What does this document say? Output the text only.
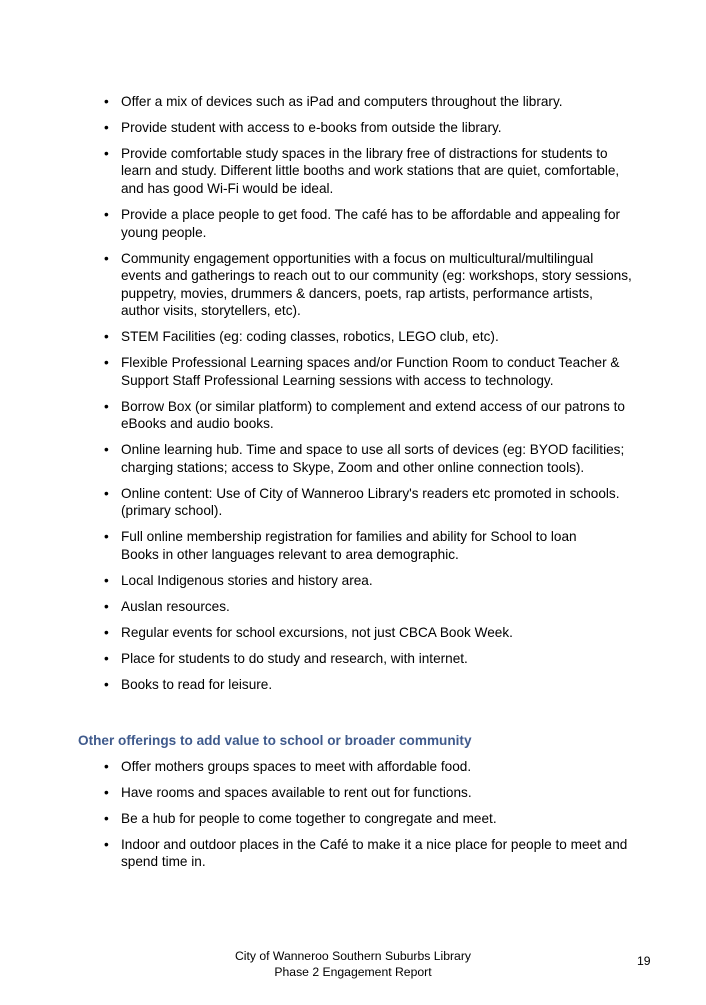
• Offer a mix of devices such as iPad and computers throughout the library.
• Provide student with access to e-books from outside the library.
• Provide comfortable study spaces in the library free of distractions for students to learn and study. Different little booths and work stations that are quiet, comfortable, and has good Wi-Fi would be ideal.
• Provide a place people to get food. The café has to be affordable and appealing for young people.
• Community engagement opportunities with a focus on multicultural/multilingual events and gatherings to reach out to our community (eg: workshops, story sessions, puppetry, movies, drummers & dancers, poets, rap artists, performance artists, author visits, storytellers, etc).
• STEM Facilities (eg: coding classes, robotics, LEGO club, etc).
• Flexible Professional Learning spaces and/or Function Room to conduct Teacher & Support Staff Professional Learning sessions with access to technology.
• Borrow Box (or similar platform) to complement and extend access of our patrons to eBooks and audio books.
• Online learning hub. Time and space to use all sorts of devices (eg: BYOD facilities; charging stations; access to Skype, Zoom and other online connection tools).
• Online content: Use of City of Wanneroo Library's readers etc promoted in schools. (primary school).
• Full online membership registration for families and ability for School to loan
Books in other languages relevant to area demographic.
• Local Indigenous stories and history area.
• Auslan resources.
• Regular events for school excursions, not just CBCA Book Week.
• Place for students to do study and research, with internet.
• Books to read for leisure.
Other offerings to add value to school or broader community
• Offer mothers groups spaces to meet with affordable food.
• Have rooms and spaces available to rent out for functions.
• Be a hub for people to come together to congregate and meet.
• Indoor and outdoor places in the Café to make it a nice place for people to meet and spend time in.
City of Wanneroo Southern Suburbs Library
Phase 2 Engagement Report
19
